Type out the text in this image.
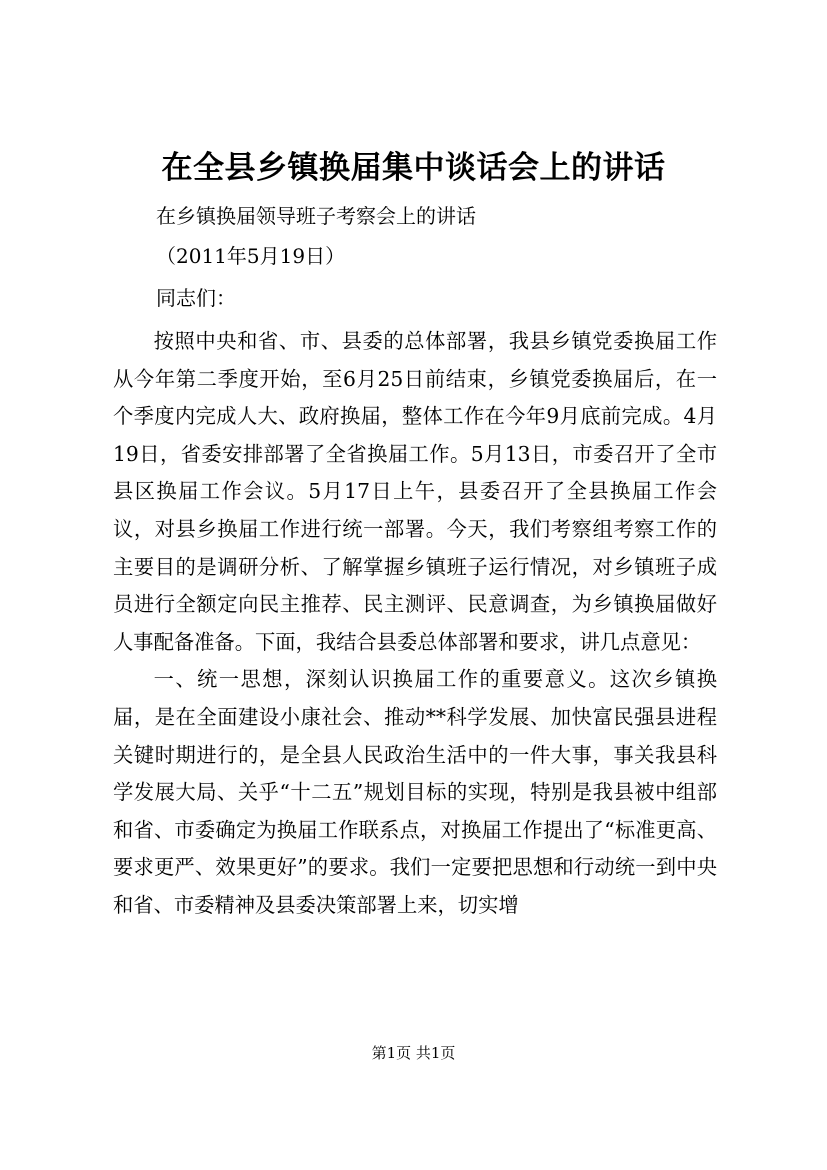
在全县乡镇换届集中谈话会上的讲话
在乡镇换届领导班子考察会上的讲话
（2011年5月19日）
同志们：

按照中央和省、市、县委的总体部署，我县乡镇党委换届工作从今年第二季度开始，至6月25日前结束，乡镇党委换届后，在一个季度内完成人大、政府换届，整体工作在今年9月底前完成。4月19日，省委安排部署了全省换届工作。5月13日，市委召开了全市县区换届工作会议。5月17日上午，县委召开了全县换届工作会议，对县乡换届工作进行统一部署。今天，我们考察组考察工作的主要目的是调研分析、了解掌握乡镇班子运行情况，对乡镇班子成员进行全额定向民主推荐、民主测评、民意调查，为乡镇换届做好人事配备准备。下面，我结合县委总体部署和要求，讲几点意见：

一、统一思想，深刻认识换届工作的重要意义。这次乡镇换届，是在全面建设小康社会、推动**科学发展、加快富民强县进程关键时期进行的，是全县人民政治生活中的一件大事，事关我县科学发展大局、关乎“十二五”规划目标的实现，特别是我县被中组部和省、市委确定为换届工作联系点，对换届工作提出了“标准更高、要求更严、效果更好”的要求。我们一定要把思想和行动统一到中央和省、市委精神及县委决策部署上来，切实增

第1页 共1页
